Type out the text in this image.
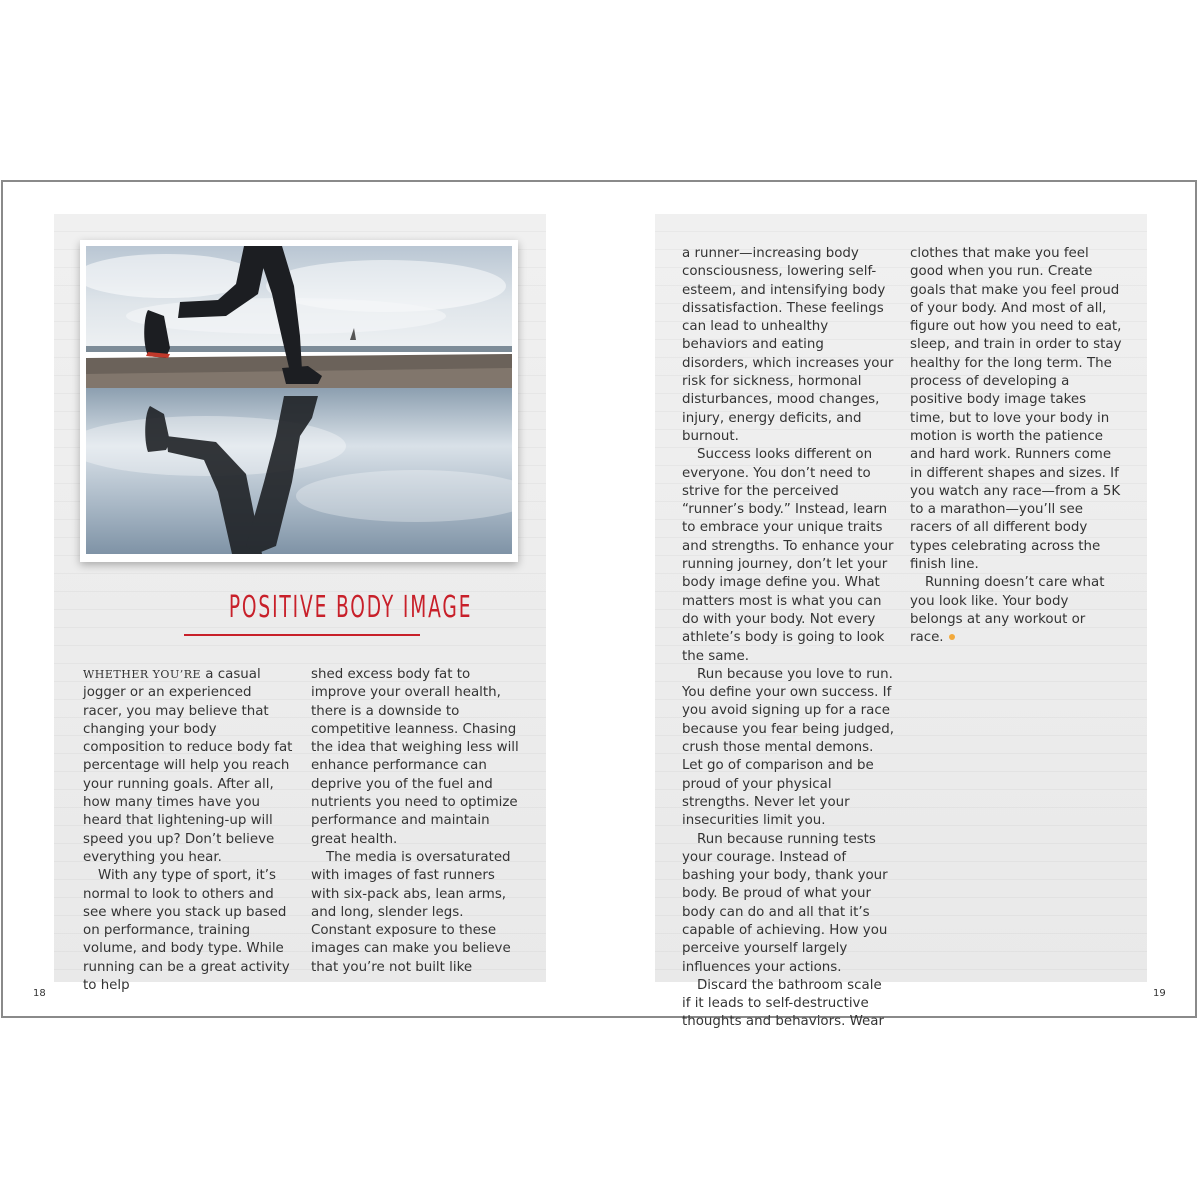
POSITIVE BODY IMAGE

WHETHER YOU’RE a casual jogger or an experienced racer, you may believe that changing your body composition to reduce body fat percentage will help you reach your running goals. After all, how many times have you heard that lightening-up will speed you up? Don’t believe everything you hear.

With any type of sport, it’s normal to look to others and see where you stack up based on performance, training volume, and body type. While running can be a great activity to help

shed excess body fat to improve your overall health, there is a downside to competitive leanness. Chasing the idea that weighing less will enhance performance can deprive you of the fuel and nutrients you need to optimize performance and maintain great health.

The media is oversaturated with images of fast runners with six-pack abs, lean arms, and long, slender legs. Constant exposure to these images can make you believe that you’re not built like

a runner—increasing body consciousness, lowering self-esteem, and intensifying body dissatisfaction. These feelings can lead to unhealthy behaviors and eating disorders, which increases your risk for sickness, hormonal disturbances, mood changes, injury, energy deficits, and burnout.

Success looks different on everyone. You don’t need to strive for the perceived “runner’s body.” Instead, learn to embrace your unique traits and strengths. To enhance your running journey, don’t let your body image define you. What matters most is what you can do with your body. Not every athlete’s body is going to look the same.

Run because you love to run. You define your own success. If you avoid signing up for a race because you fear being judged, crush those mental demons. Let go of comparison and be proud of your physical strengths. Never let your insecurities limit you.

Run because running tests your courage. Instead of bashing your body, thank your body. Be proud of what your body can do and all that it’s capable of achieving. How you perceive yourself largely influences your actions.

Discard the bathroom scale if it leads to self-destructive thoughts and behaviors. Wear

clothes that make you feel good when you run. Create goals that make you feel proud of your body. And most of all, figure out how you need to eat, sleep, and train in order to stay healthy for the long term. The process of developing a positive body image takes time, but to love your body in motion is worth the patience and hard work. Runners come in different shapes and sizes. If you watch any race—from a 5K to a marathon—you’ll see racers of all different body types celebrating across the finish line.

Running doesn’t care what you look like. Your body belongs at any workout or race.

18	19
